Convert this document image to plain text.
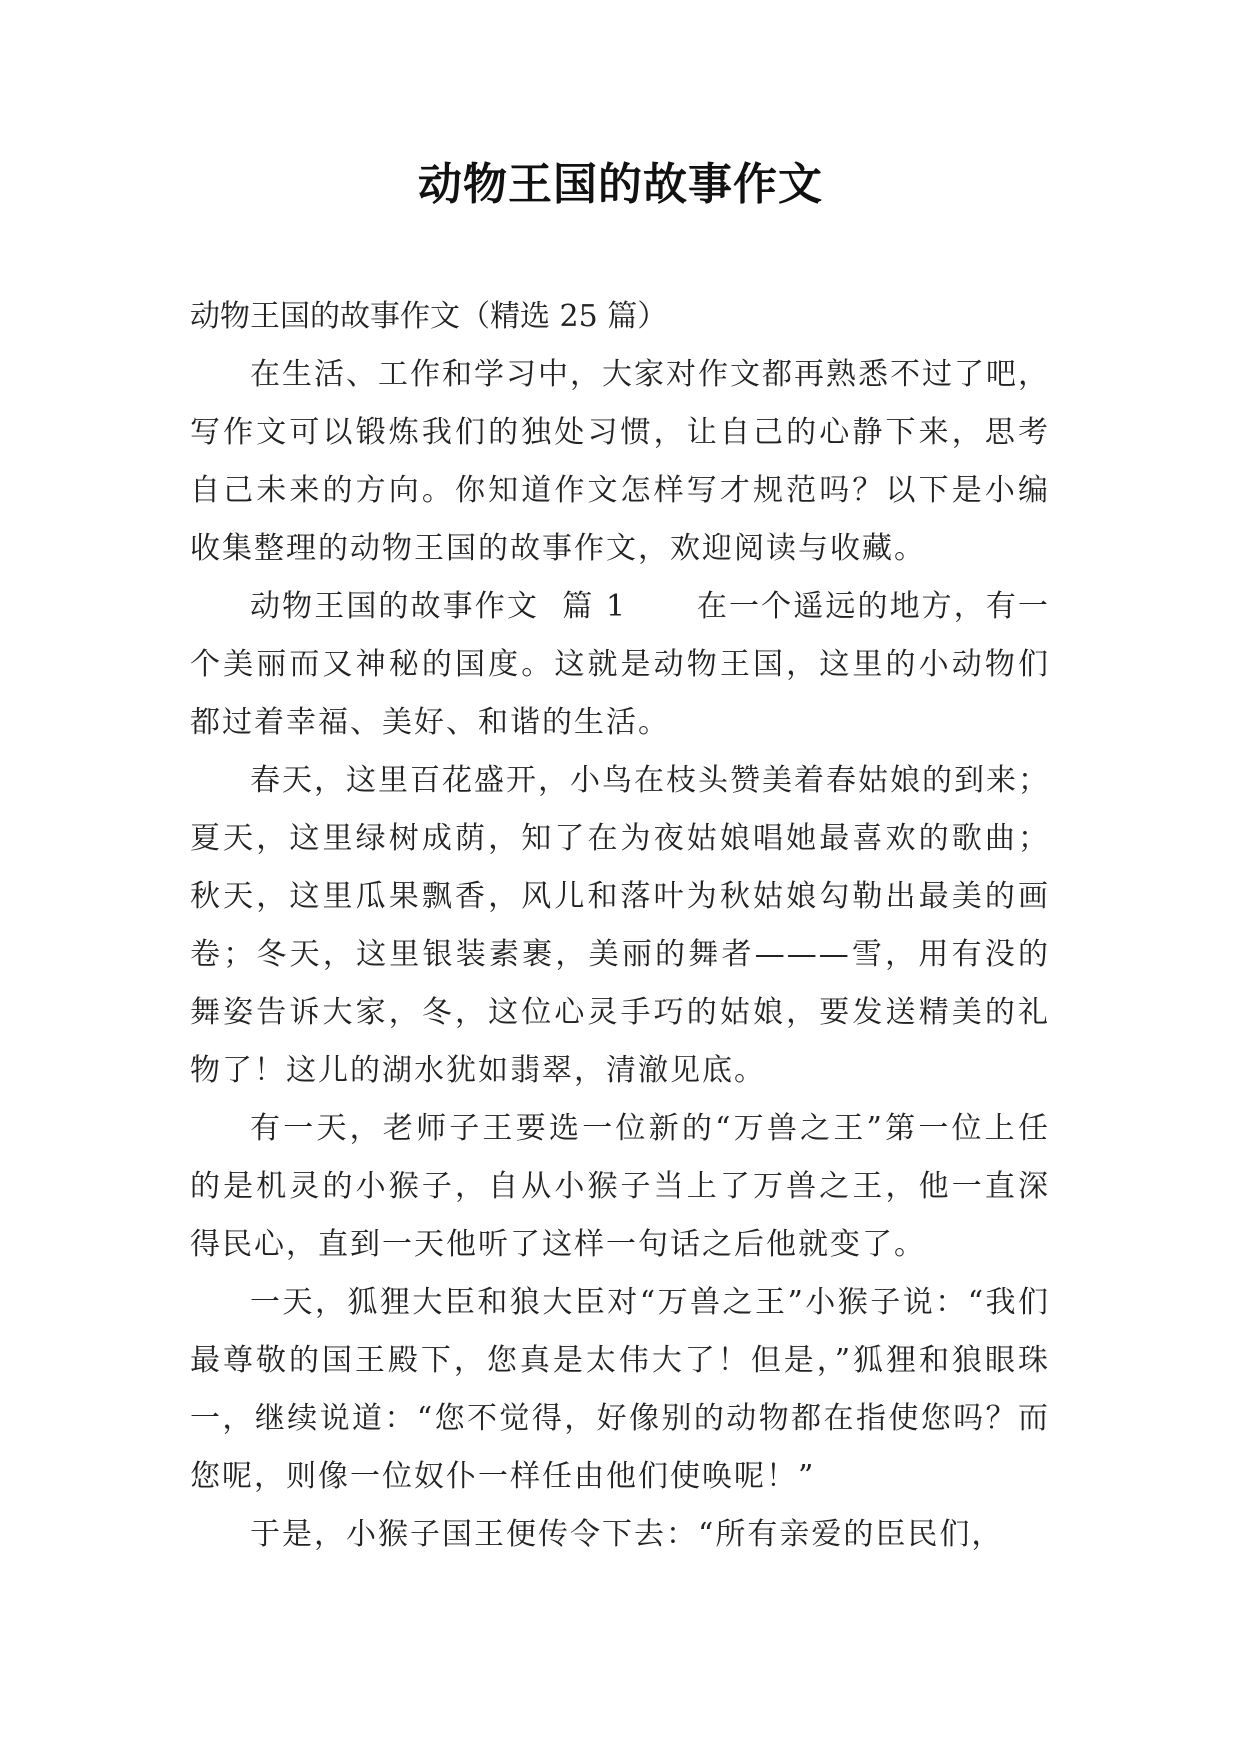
动物王国的故事作文

动物王国的故事作文（精选 25 篇）

在生活、工作和学习中，大家对作文都再熟悉不过了吧，写作文可以锻炼我们的独处习惯，让自己的心静下来，思考自己未来的方向。你知道作文怎样写才规范吗？以下是小编收集整理的动物王国的故事作文，欢迎阅读与收藏。

动物王国的故事作文  篇 1      在一个遥远的地方，有一个美丽而又神秘的国度。这就是动物王国，这里的小动物们都过着幸福、美好、和谐的生活。

春天，这里百花盛开，小鸟在枝头赞美着春姑娘的到来；夏天，这里绿树成荫，知了在为夜姑娘唱她最喜欢的歌曲；秋天，这里瓜果飘香，风儿和落叶为秋姑娘勾勒出最美的画卷；冬天，这里银装素裹，美丽的舞者———雪，用有没的舞姿告诉大家，冬，这位心灵手巧的姑娘，要发送精美的礼物了！这儿的湖水犹如翡翠，清澈见底。

有一天，老师子王要选一位新的“万兽之王”第一位上任的是机灵的小猴子，自从小猴子当上了万兽之王，他一直深得民心，直到一天他听了这样一句话之后他就变了。

一天，狐狸大臣和狼大臣对“万兽之王”小猴子说：“我们最尊敬的国王殿下，您真是太伟大了！但是，”狐狸和狼眼珠一，继续说道：“您不觉得，好像别的动物都在指使您吗？而您呢，则像一位奴仆一样任由他们使唤呢！”

于是，小猴子国王便传令下去：“所有亲爱的臣民们，
